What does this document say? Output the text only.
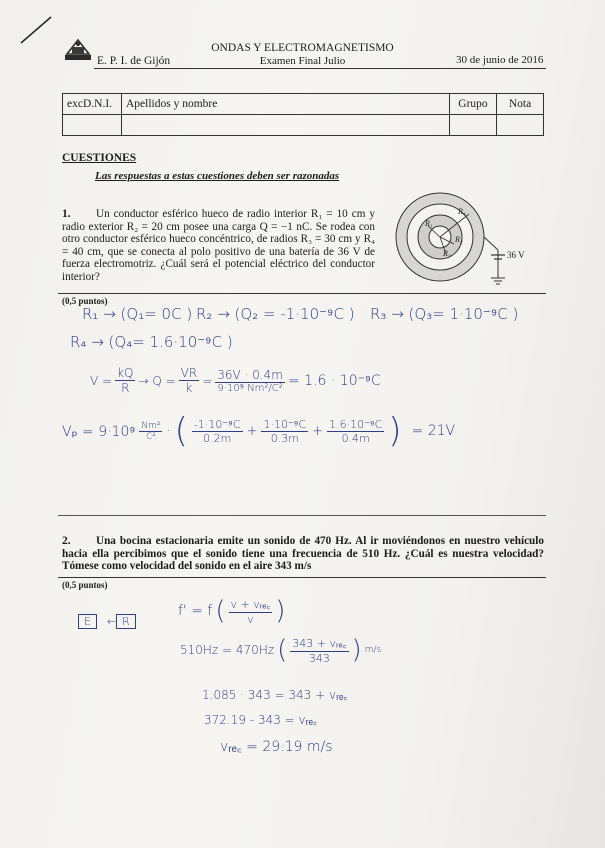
E. P. I. de Gijón
ONDAS Y ELECTROMAGNETISMO
Examen Final Julio	30 de junio de 2016
excD.N.I.	Apellidos y nombre	Grupo	Nota

CUESTIONES
Las respuestas a estas cuestiones deben ser razonadas
1.	Un conductor esférico hueco de radio interior R₁ = 10 cm y radio exterior R₂ = 20 cm posee una carga Q = −1 nC. Se rodea con otro conductor esférico hueco concéntrico, de radios R₃ = 30 cm y R₄ = 40 cm, que se conecta al polo positivo de una batería de 36 V de fuerza electromotriz. ¿Cuál será el potencial eléctrico del conductor interior?
R₄
R₁
R₂
R₃	36 V
(0,5 puntos)
R₁ → (Q₁= 0C ) R₂ → (Q₂ = -1·10⁻⁹C ) R₃ → (Q₃= 1·10⁻⁹C )
R₄ → (Q₄= 1.6·10⁻⁹C )
$V = \frac{kQ}{R} \to Q = \frac{VR}{k} = 36V \cdot 0.4m$
9·10⁹ Nm²/C² = 1.6 · 10⁻⁹C
Vₚ = 9·10⁹ Nm²
C² · ( -1·10⁻⁹C
0.2m	+ $\frac{\text{1·10⁻⁹C}}{0.3m} + \frac{\text{1.6·10⁻⁹C}}{0.4m}$ ) = 21V
2.	Una bocina estacionaria emite un sonido de 470 Hz. Al ir moviéndonos en nuestro vehículo hacia ella percibimos que el sonido tiene una frecuencia de 510 Hz. ¿Cuál es nuestra velocidad? Tómese como velocidad del sonido en el aire 343 m/s
(0,5 puntos)
E	← R
f' = f ( v + vᵣₑ꜀
v )
510Hz = 470Hz ( 343 + vᵣₑ꜀
343 ) m/s
1.085 · 343 = 343 + vᵣₑ꜀
372.19 - 343 = vᵣₑ꜀
vᵣₑ꜀ = 29.19 m/s
